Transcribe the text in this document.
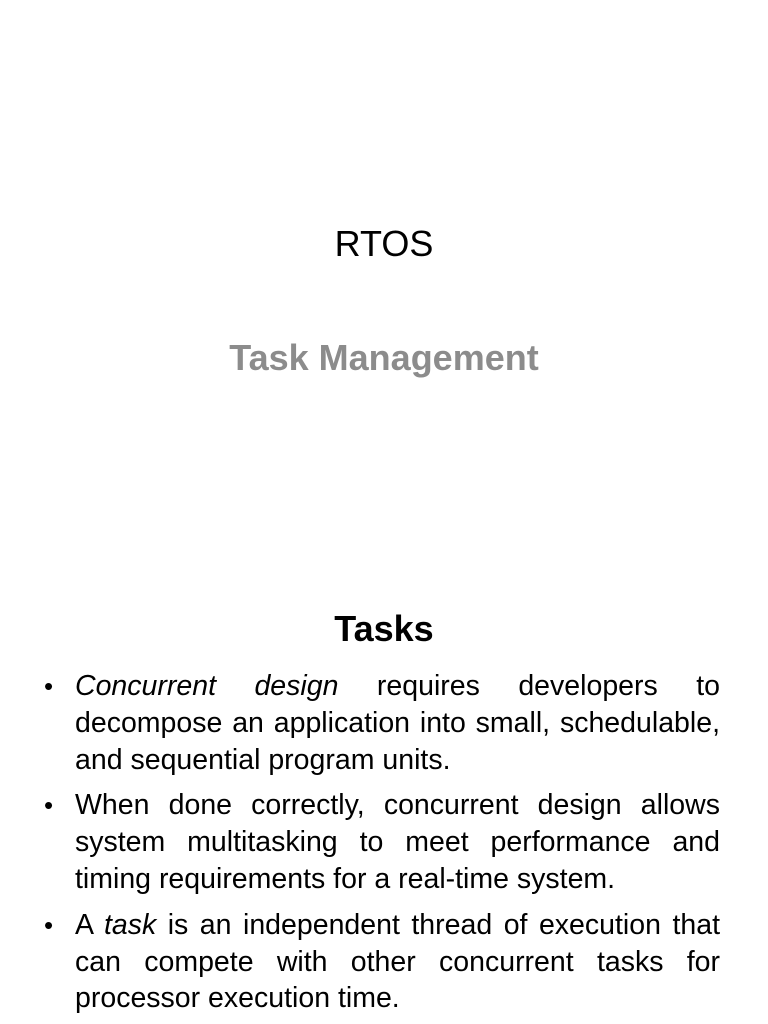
RTOS
Task Management
Tasks
• Concurrent design requires developers to decompose an application into small, schedulable, and sequential program units.
• When done correctly, concurrent design allows system multitasking to meet performance and timing requirements for a real-time system.
• A task is an independent thread of execution that can compete with other concurrent tasks for processor execution time.
